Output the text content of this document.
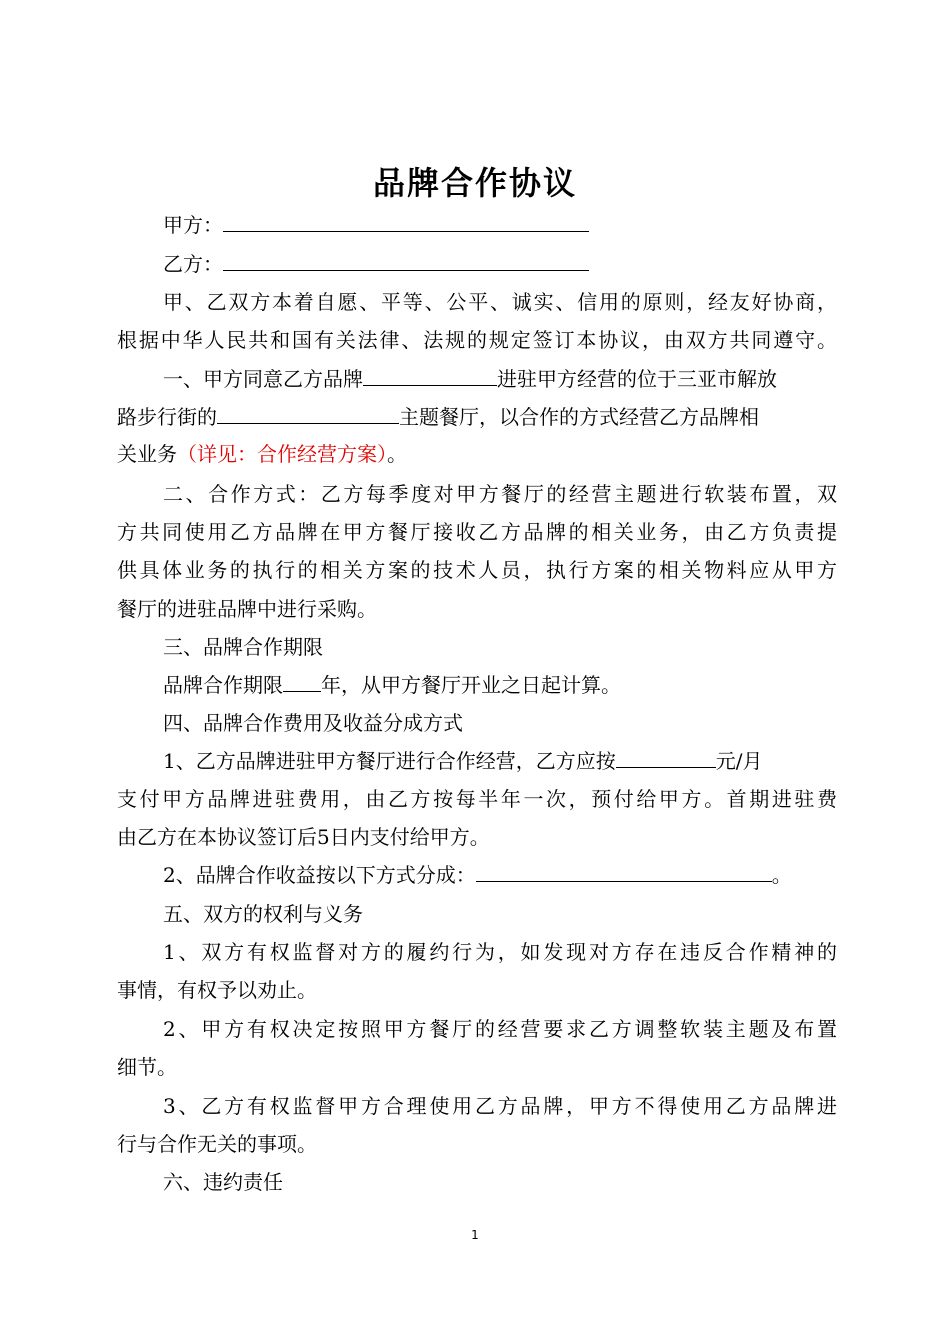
品牌合作协议
甲方：
乙方：
甲、乙双方本着自愿、平等、公平、诚实、信用的原则，经友好协商，
根据中华人民共和国有关法律、法规的规定签订本协议，由双方共同遵守。
一、甲方同意乙方品牌	进驻甲方经营的位于三亚市解放
路步行街的	主题餐厅，以合作的方式经营乙方品牌相
关业务（详见：合作经营方案）。
二、合作方式：乙方每季度对甲方餐厅的经营主题进行软装布置，双
方共同使用乙方品牌在甲方餐厅接收乙方品牌的相关业务，由乙方负责提
供具体业务的执行的相关方案的技术人员，执行方案的相关物料应从甲方
餐厅的进驻品牌中进行采购。
三、品牌合作期限
品牌合作期限 年，从甲方餐厅开业之日起计算。
四、品牌合作费用及收益分成方式
1、乙方品牌进驻甲方餐厅进行合作经营，乙方应按	元/月
支付甲方品牌进驻费用，由乙方按每半年一次，预付给甲方。首期进驻费
由乙方在本协议签订后5日内支付给甲方。
2、品牌合作收益按以下方式分成：	。
五、双方的权利与义务
1、双方有权监督对方的履约行为，如发现对方存在违反合作精神的
事情，有权予以劝止。
2、甲方有权决定按照甲方餐厅的经营要求乙方调整软装主题及布置
细节。
3、乙方有权监督甲方合理使用乙方品牌，甲方不得使用乙方品牌进
行与合作无关的事项。
六、违约责任
1
